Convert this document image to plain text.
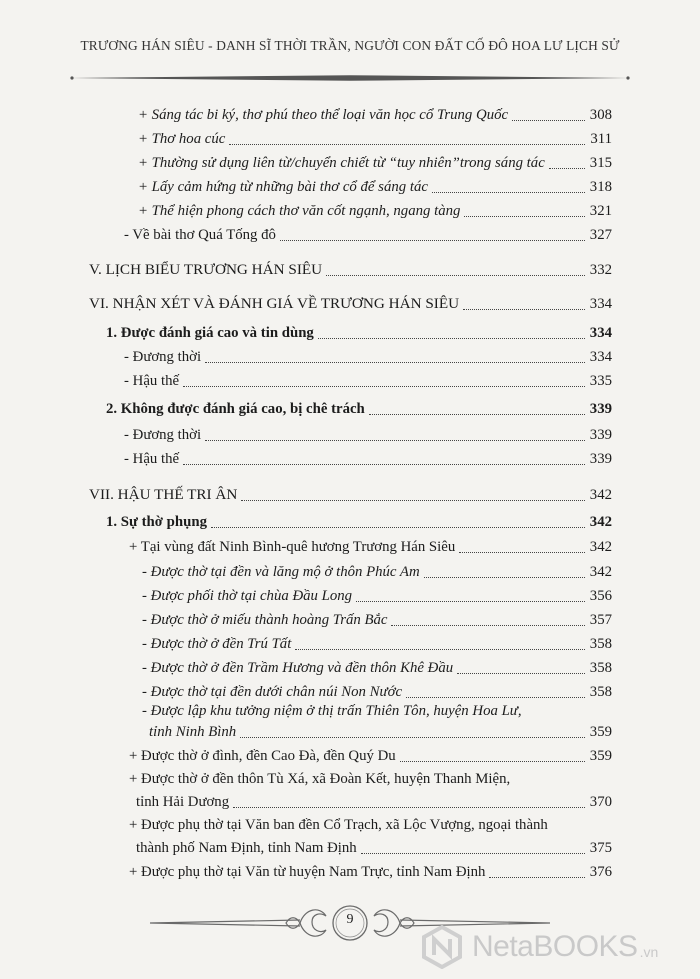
TRƯƠNG HÁN SIÊU - DANH SĨ THỜI TRẦN, NGƯỜI CON ĐẤT CỐ ĐÔ HOA LƯ LỊCH SỬ
+ Sáng tác bi ký, thơ phú theo thể loại văn học cổ Trung Quốc	308
+ Thơ hoa cúc	311
+ Thường sử dụng liên từ/chuyển chiết từ “tuy nhiên”trong sáng tác	315
+ Lấy cảm hứng từ những bài thơ cổ để sáng tác	318
+ Thể hiện phong cách thơ văn cốt ngạnh, ngang tàng	321
- Về bài thơ Quá Tống đô	327
V. LỊCH BIỂU TRƯƠNG HÁN SIÊU	332
VI. NHẬN XÉT VÀ ĐÁNH GIÁ VỀ TRƯƠNG HÁN SIÊU	334
1. Được đánh giá cao và tin dùng	334
- Đương thời	334
- Hậu thế	335
2. Không được đánh giá cao, bị chê trách	339
- Đương thời	339
- Hậu thế	339
VII. HẬU THẾ TRI ÂN	342
1. Sự thờ phụng	342
+ Tại vùng đất Ninh Bình-quê hương Trương Hán Siêu	342
- Được thờ tại đền và lăng mộ ở thôn Phúc Am	342
- Được phối thờ tại chùa Đầu Long	356
- Được thờ ở miếu thành hoàng Trấn Bắc	357
- Được thờ ở đền Trú Tất	358
- Được thờ ở đền Trầm Hương và đền thôn Khê Đầu	358
- Được thờ tại đền dưới chân núi Non Nước	358
- Được lập khu tưởng niệm ở thị trấn Thiên Tôn, huyện Hoa Lư,
tỉnh Ninh Bình	359
+ Được thờ ở đình, đền Cao Đà, đền Quý Du	359
+ Được thờ ở đền thôn Tù Xá, xã Đoàn Kết, huyện Thanh Miện,
tỉnh Hải Dương	370
+ Được phụ thờ tại Văn ban đền Cổ Trạch, xã Lộc Vượng, ngoại thành
thành phố Nam Định, tỉnh Nam Định	375
+ Được phụ thờ tại Văn từ huyện Nam Trực, tỉnh Nam Định	376
9
NetaBOOKS .vn
